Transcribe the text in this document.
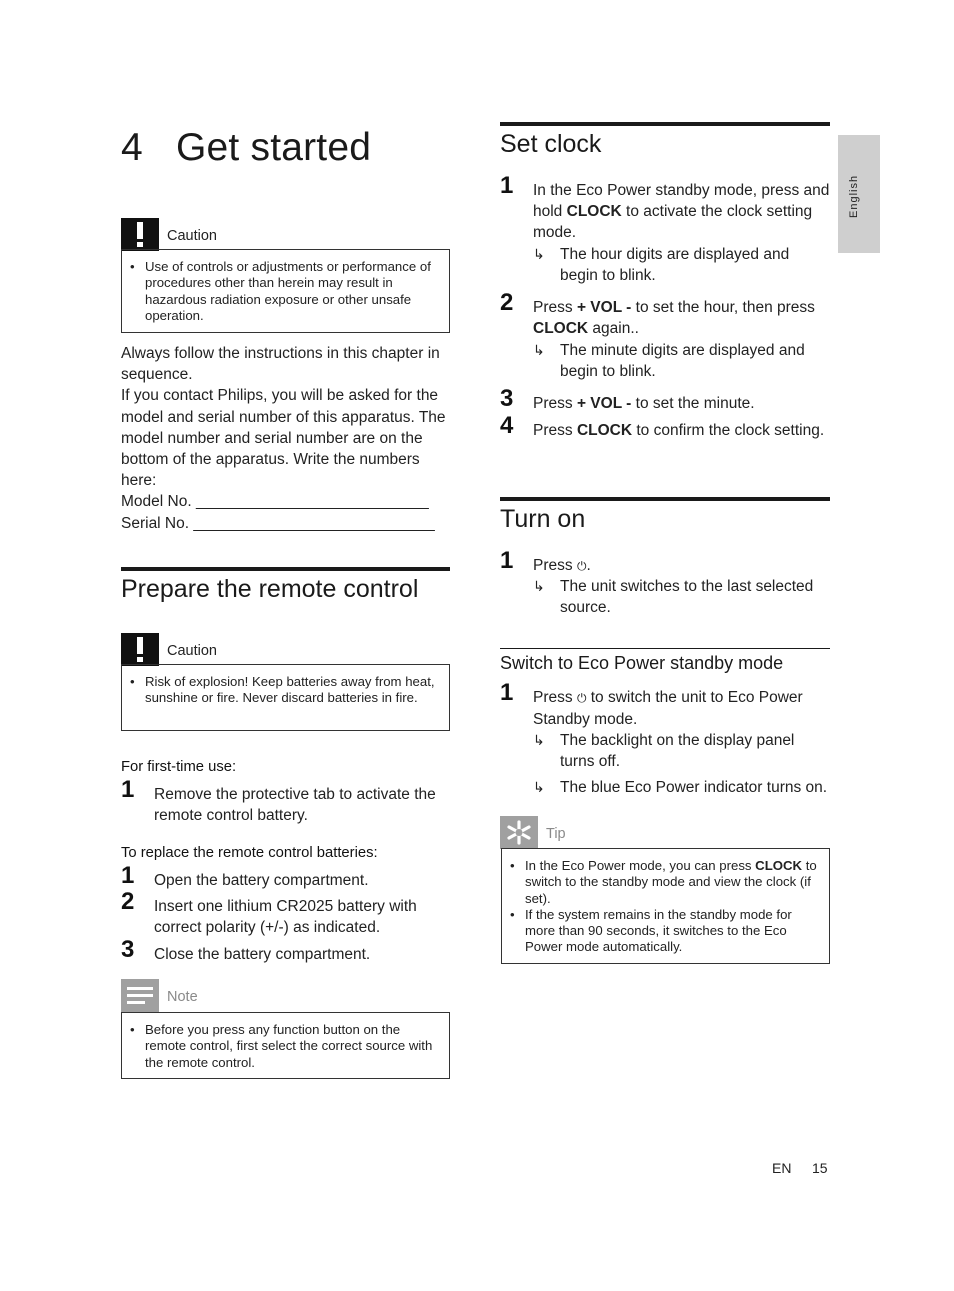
4 Get started
Caution
• Use of controls or adjustments or performance of procedures other than herein may result in hazardous radiation exposure or other unsafe operation.
Always follow the instructions in this chapter in
sequence.
If you contact Philips, you will be asked for the
model and serial number of this apparatus. The
model number and serial number are on the
bottom of the apparatus. Write the numbers
here:
Model No. ___________________________
Serial No. ____________________________
Prepare the remote control
Caution
• Risk of explosion! Keep batteries away from heat, sunshine or fire. Never discard batteries in fire.
For first-time use:
1 Remove the protective tab to activate the remote control battery.
To replace the remote control batteries:
1 Open the battery compartment.
2 Insert one lithium CR2025 battery with correct polarity (+/-) as indicated.
3 Close the battery compartment.
Note
• Before you press any function button on the remote control, first select the correct source with the remote control.
Set clock
1 In the Eco Power standby mode, press and hold CLOCK to activate the clock setting mode.
↳ The hour digits are displayed and begin to blink.
2 Press + VOL - to set the hour, then press CLOCK again..
↳ The minute digits are displayed and begin to blink.
3 Press + VOL - to set the minute.
4 Press CLOCK to confirm the clock setting.
Turn on
1 Press ⏻.
↳ The unit switches to the last selected source.
Switch to Eco Power standby mode
1 Press ⏻ to switch the unit to Eco Power Standby mode.
↳ The backlight on the display panel turns off.
↳ The blue Eco Power indicator turns on.
Tip
• In the Eco Power mode, you can press CLOCK to switch to the standby mode and view the clock (if set).
• If the system remains in the standby mode for more than 90 seconds, it switches to the Eco Power mode automatically.
English
EN 15
